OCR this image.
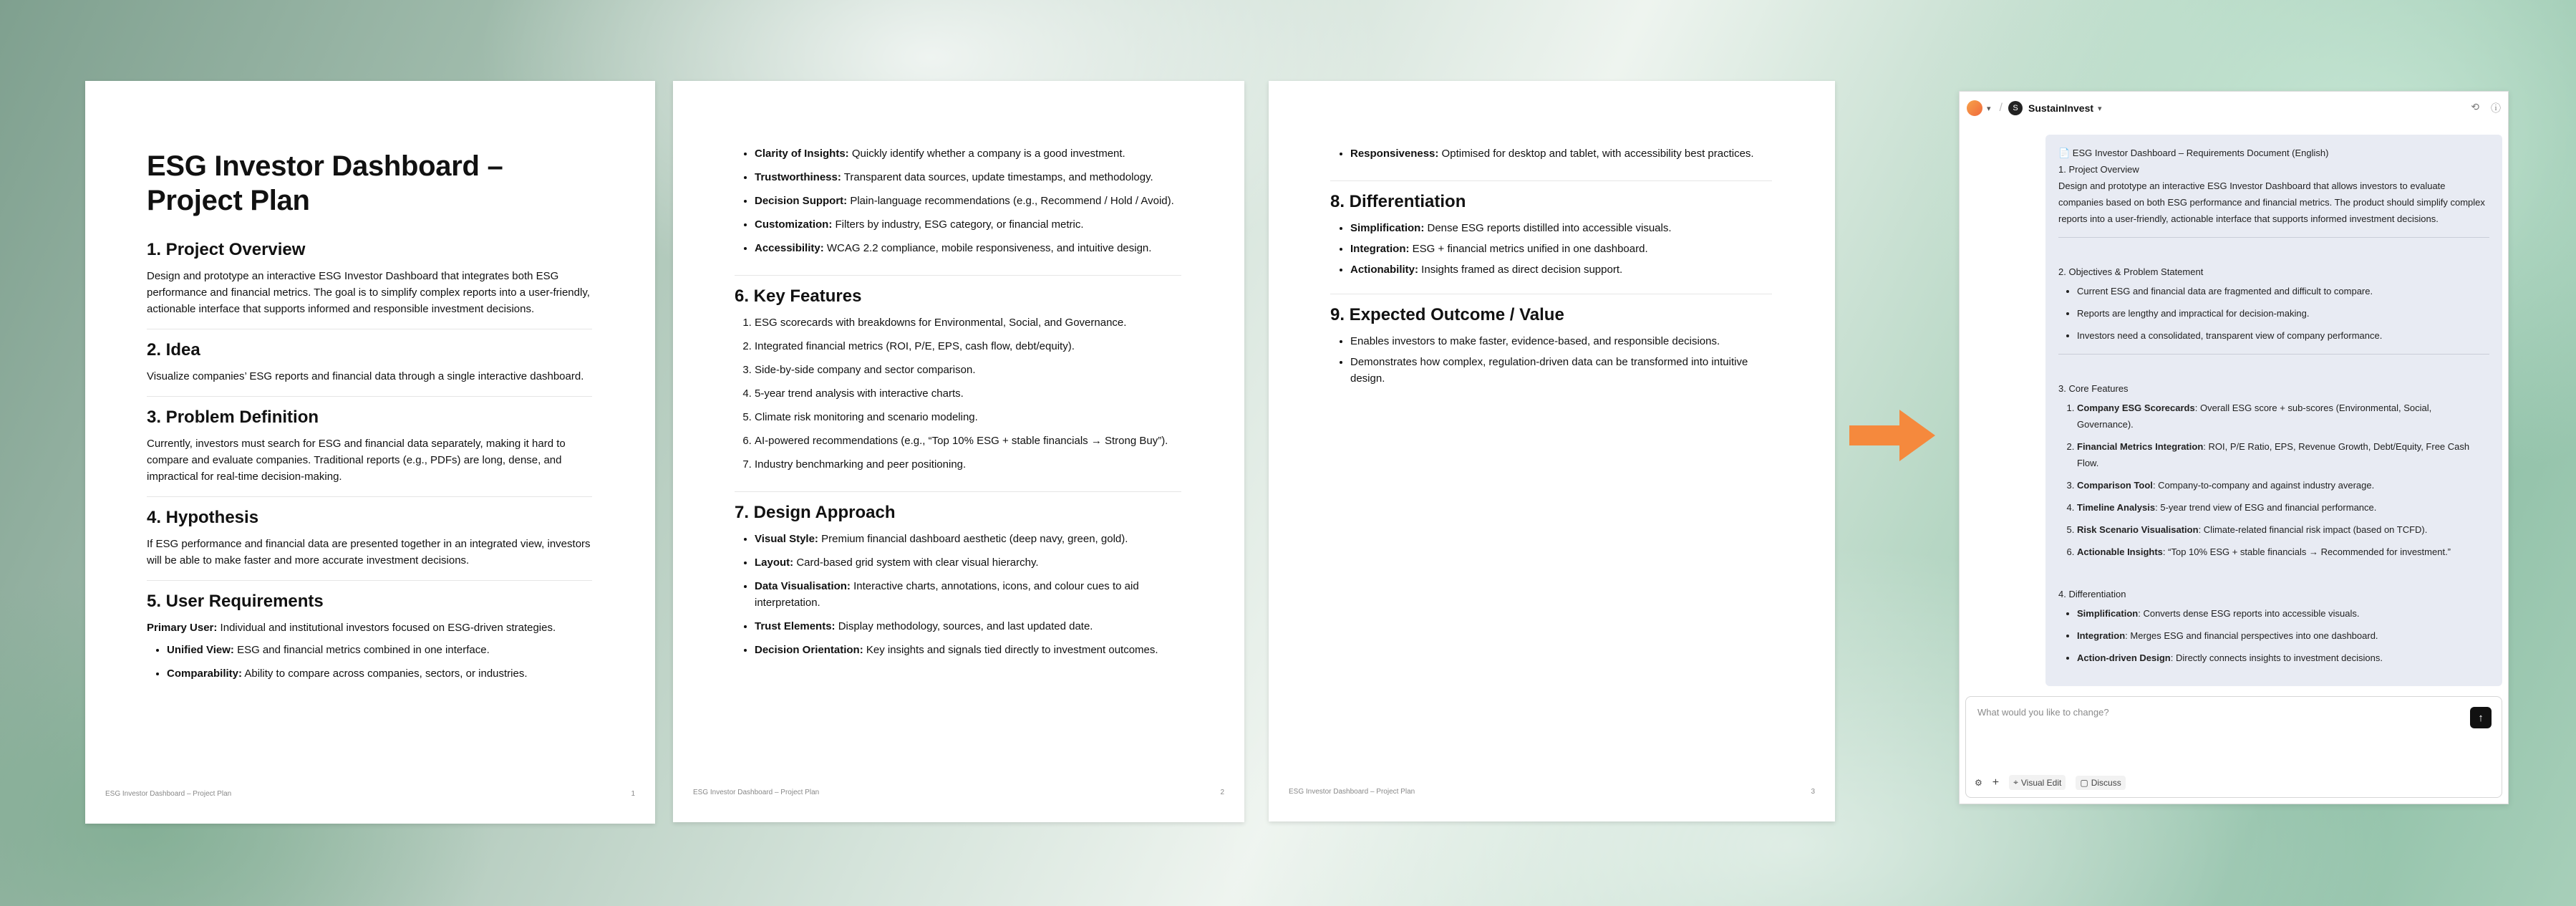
ESG Investor Dashboard – Project Plan
1. Project Overview

Design and prototype an interactive ESG Investor Dashboard that integrates both ESG performance and financial metrics. The goal is to simplify complex reports into a user-friendly, actionable interface that supports informed and responsible investment decisions.

2. Idea

Visualize companies’ ESG reports and financial data through a single interactive dashboard.

3. Problem Definition

Currently, investors must search for ESG and financial data separately, making it hard to compare and evaluate companies. Traditional reports (e.g., PDFs) are long, dense, and impractical for real-time decision-making.

4. Hypothesis

If ESG performance and financial data are presented together in an integrated view, investors will be able to make faster and more accurate investment decisions.

5. User Requirements

Primary User: Individual and institutional investors focused on ESG-driven strategies.

• Unified View: ESG and financial metrics combined in one interface.
• Comparability: Ability to compare across companies, sectors, or industries.
ESG Investor Dashboard – Project Plan	1
• Clarity of Insights: Quickly identify whether a company is a good investment.
• Trustworthiness: Transparent data sources, update timestamps, and methodology.
• Decision Support: Plain-language recommendations (e.g., Recommend / Hold / Avoid).
• Customization: Filters by industry, ESG category, or financial metric.
• Accessibility: WCAG 2.2 compliance, mobile responsiveness, and intuitive design.
6. Key Features
1. ESG scorecards with breakdowns for Environmental, Social, and Governance.
2. Integrated financial metrics (ROI, P/E, EPS, cash flow, debt/equity).
3. Side-by-side company and sector comparison.
4. 5-year trend analysis with interactive charts.
5. Climate risk monitoring and scenario modeling.
6. AI-powered recommendations (e.g., “Top 10% ESG + stable financials → Strong Buy”).
7. Industry benchmarking and peer positioning.
7. Design Approach
• Visual Style: Premium financial dashboard aesthetic (deep navy, green, gold).
• Layout: Card-based grid system with clear visual hierarchy.
• Data Visualisation: Interactive charts, annotations, icons, and colour cues to aid interpretation.
• Trust Elements: Display methodology, sources, and last updated date.
• Decision Orientation: Key insights and signals tied directly to investment outcomes.
ESG Investor Dashboard – Project Plan	2
• Responsiveness: Optimised for desktop and tablet, with accessibility best practices.
8. Differentiation
• Simplification: Dense ESG reports distilled into accessible visuals.
• Integration: ESG + financial metrics unified in one dashboard.
• Actionability: Insights framed as direct decision support.
9. Expected Outcome / Value
• Enables investors to make faster, evidence-based, and responsible decisions.
• Demonstrates how complex, regulation-driven data can be transformed into intuitive design.
ESG Investor Dashboard – Project Plan	3
▾ /	S	SustainInvest ▾	⟲ ⓘ

📄 ESG Investor Dashboard – Requirements Document (English)

1. Project Overview

Design and prototype an interactive ESG Investor Dashboard that allows investors to evaluate companies based on both ESG performance and financial metrics. The product should simplify complex reports into a user-friendly, actionable interface that supports informed investment decisions.

2. Objectives & Problem Statement

• Current ESG and financial data are fragmented and difficult to compare.
• Reports are lengthy and impractical for decision-making.
• Investors need a consolidated, transparent view of company performance.

3. Core Features

1. Company ESG Scorecards: Overall ESG score + sub-scores (Environmental, Social, Governance).
2. Financial Metrics Integration: ROI, P/E Ratio, EPS, Revenue Growth, Debt/Equity, Free Cash Flow.
3. Comparison Tool: Company-to-company and against industry average.
4. Timeline Analysis: 5-year trend view of ESG and financial performance.
5. Risk Scenario Visualisation: Climate-related financial risk impact (based on TCFD).
6. Actionable Insights: “Top 10% ESG + stable financials → Recommended for investment.”

4. Differentiation

• Simplification: Converts dense ESG reports into accessible visuals.
• Integration: Merges ESG and financial perspectives into one dashboard.
• Action-driven Design: Directly connects insights to investment decisions.
What would you like to change?	↑
⚙ + ⌖ Visual Edit ▢ Discuss
